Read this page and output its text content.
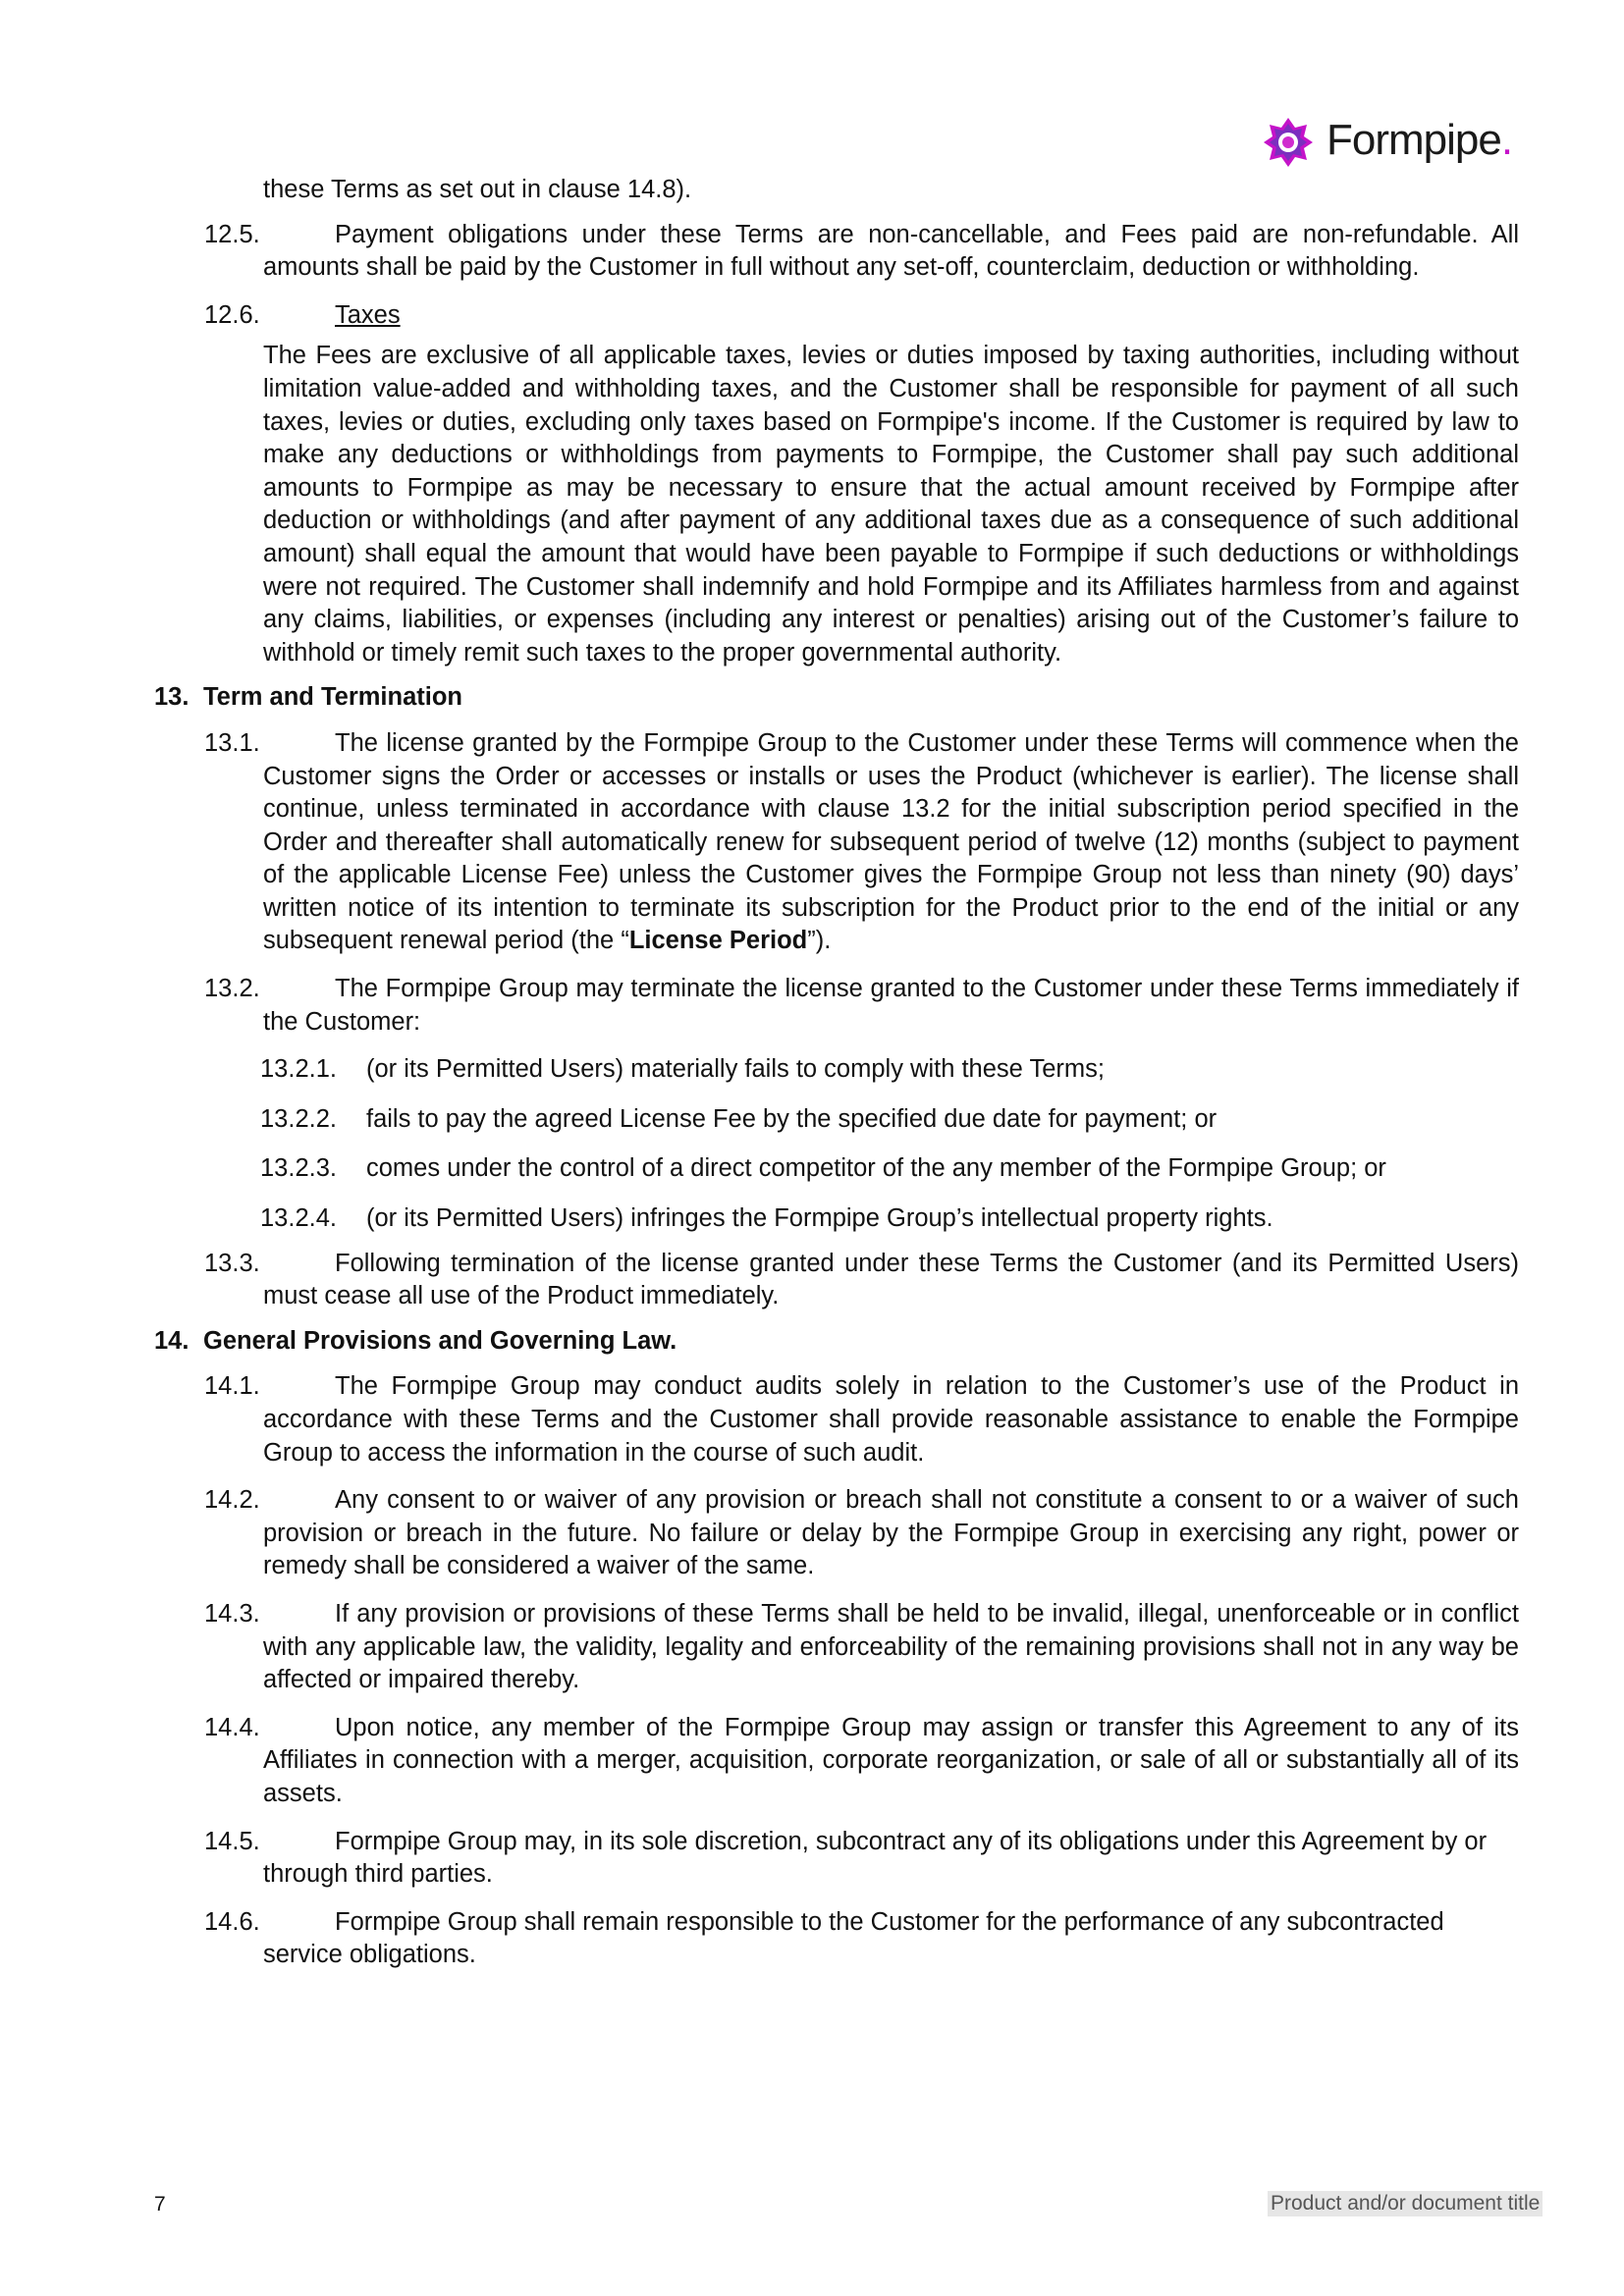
Formpipe.
these Terms as set out in clause 14.8).
12.5.	Payment obligations under these Terms are non-cancellable, and Fees paid are non-refundable. All amounts shall be paid by the Customer in full without any set-off, counterclaim, deduction or withholding.
12.6.	Taxes
The Fees are exclusive of all applicable taxes, levies or duties imposed by taxing authorities, including without limitation value-added and withholding taxes, and the Customer shall be responsible for payment of all such taxes, levies or duties, excluding only taxes based on Formpipe's income. If the Customer is required by law to make any deductions or withholdings from payments to Formpipe, the Customer shall pay such additional amounts to Formpipe as may be necessary to ensure that the actual amount received by Formpipe after deduction or withholdings (and after payment of any additional taxes due as a consequence of such additional amount) shall equal the amount that would have been payable to Formpipe if such deductions or withholdings were not required. The Customer shall indemnify and hold Formpipe and its Affiliates harmless from and against any claims, liabilities, or expenses (including any interest or penalties) arising out of the Customer’s failure to withhold or timely remit such taxes to the proper governmental authority.
13. Term and Termination
13.1.	The license granted by the Formpipe Group to the Customer under these Terms will commence when the Customer signs the Order or accesses or installs or uses the Product (whichever is earlier). The license shall continue, unless terminated in accordance with clause 13.2 for the initial subscription period specified in the Order and thereafter shall automatically renew for subsequent period of twelve (12) months (subject to payment of the applicable License Fee) unless the Customer gives the Formpipe Group not less than ninety (90) days’ written notice of its intention to terminate its subscription for the Product prior to the end of the initial or any subsequent renewal period (the “License Period”).
13.2.	The Formpipe Group may terminate the license granted to the Customer under these Terms immediately if the Customer:
13.2.1. (or its Permitted Users) materially fails to comply with these Terms;
13.2.2. fails to pay the agreed License Fee by the specified due date for payment; or
13.2.3. comes under the control of a direct competitor of the any member of the Formpipe Group; or
13.2.4. (or its Permitted Users) infringes the Formpipe Group’s intellectual property rights.
13.3.	Following termination of the license granted under these Terms the Customer (and its Permitted Users) must cease all use of the Product immediately.
14. General Provisions and Governing Law.
14.1.	The Formpipe Group may conduct audits solely in relation to the Customer’s use of the Product in accordance with these Terms and the Customer shall provide reasonable assistance to enable the Formpipe Group to access the information in the course of such audit.
14.2.	Any consent to or waiver of any provision or breach shall not constitute a consent to or a waiver of such provision or breach in the future. No failure or delay by the Formpipe Group in exercising any right, power or remedy shall be considered a waiver of the same.
14.3.	If any provision or provisions of these Terms shall be held to be invalid, illegal, unenforceable or in conflict with any applicable law, the validity, legality and enforceability of the remaining provisions shall not in any way be affected or impaired thereby.
14.4.	Upon notice, any member of the Formpipe Group may assign or transfer this Agreement to any of its Affiliates in connection with a merger, acquisition, corporate reorganization, or sale of all or substantially all of its assets.
14.5.	Formpipe Group may, in its sole discretion, subcontract any of its obligations under this Agreement by or through third parties.
14.6.	Formpipe Group shall remain responsible to the Customer for the performance of any subcontracted service obligations.
7	Product and/or document title
